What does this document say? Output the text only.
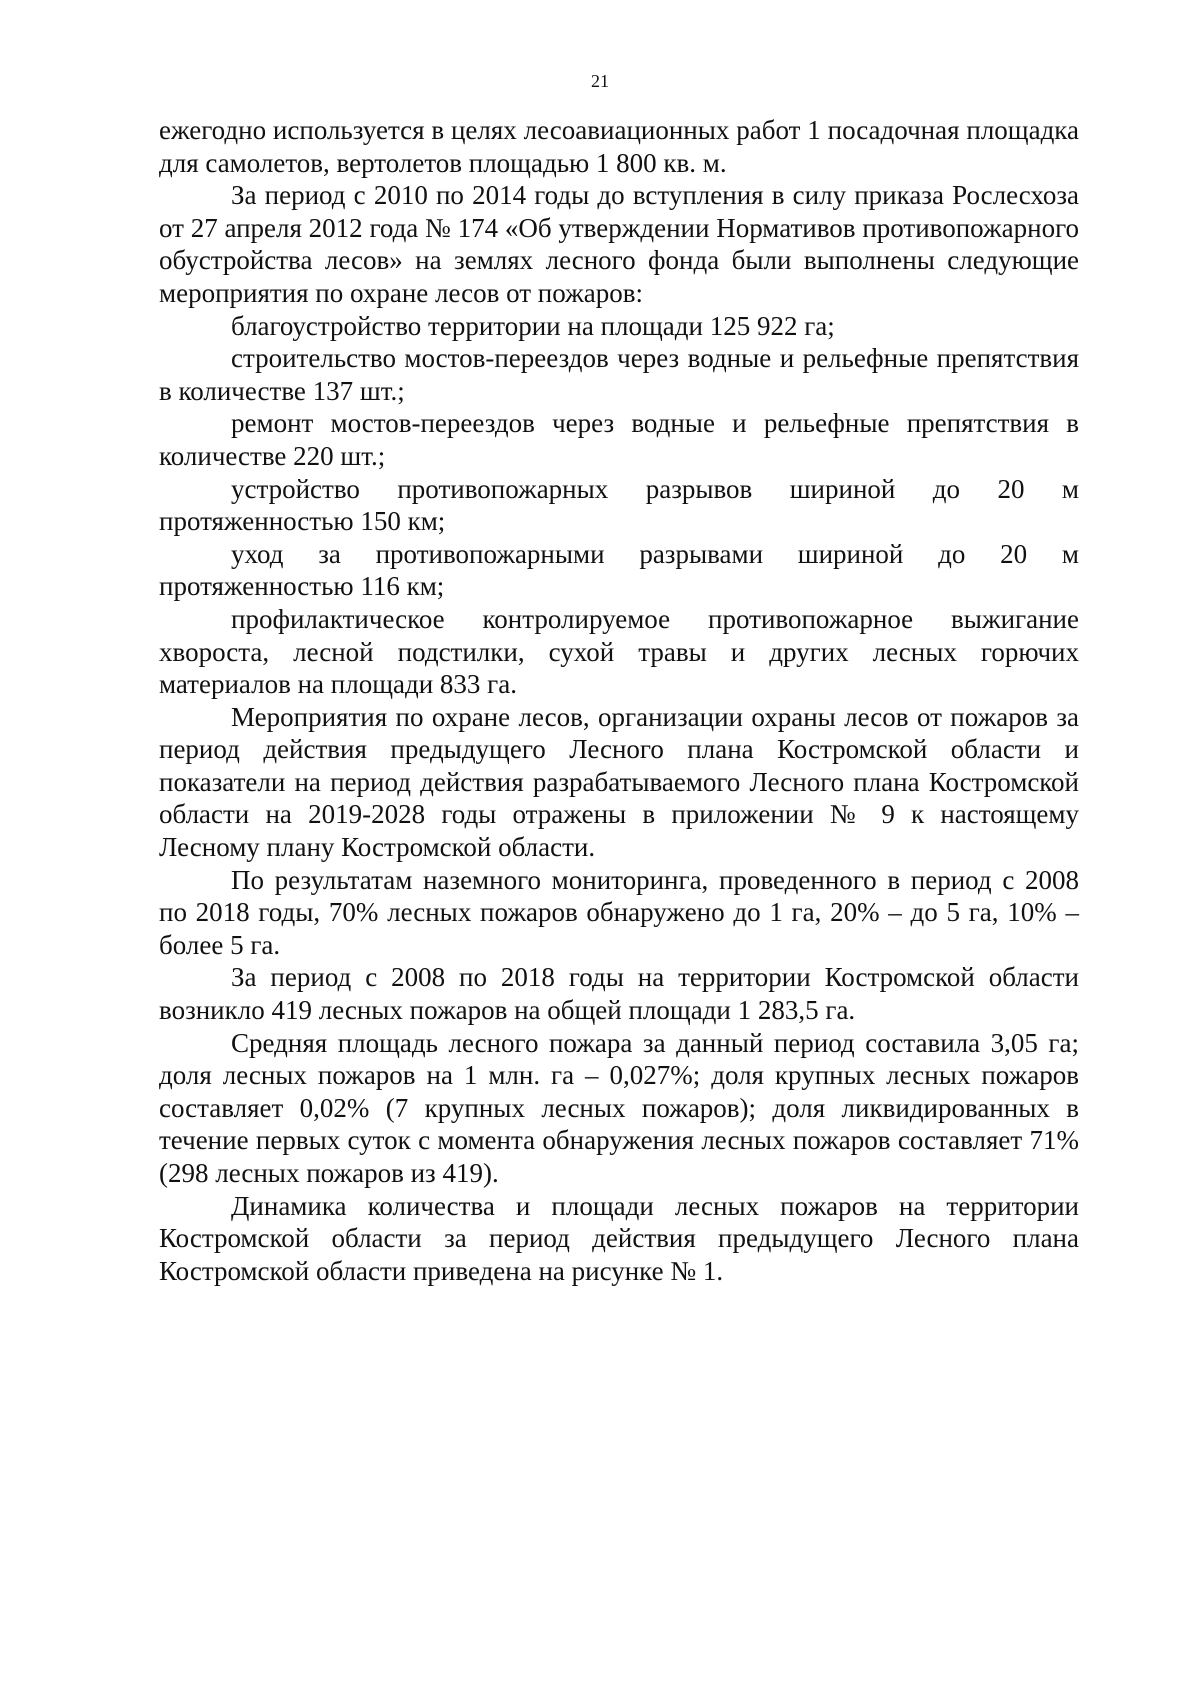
21

ежегодно используется в целях лесоавиационных работ 1 посадочная площадка для самолетов, вертолетов площадью 1 800 кв. м.

За период с 2010 по 2014 годы до вступления в силу приказа Рослесхоза от 27 апреля 2012 года № 174 «Об утверждении Нормативов противопожарного обустройства лесов» на землях лесного фонда были выполнены следующие мероприятия по охране лесов от пожаров:

благоустройство территории на площади 125 922 га;

строительство мостов-переездов через водные и рельефные препятствия в количестве 137 шт.;

ремонт мостов-переездов через водные и рельефные препятствия в количестве 220 шт.;

устройство противопожарных разрывов шириной до 20 м протяженностью 150 км;

уход за противопожарными разрывами шириной до 20 м протяженностью 116 км;

профилактическое контролируемое противопожарное выжигание хвороста, лесной подстилки, сухой травы и других лесных горючих материалов на площади 833 га.

Мероприятия по охране лесов, организации охраны лесов от пожаров за период действия предыдущего Лесного плана Костромской области и показатели на период действия разрабатываемого Лесного плана Костромской области на 2019-2028 годы отражены в приложении № 9 к настоящему Лесному плану Костромской области.

По результатам наземного мониторинга, проведенного в период с 2008 по 2018 годы, 70% лесных пожаров обнаружено до 1 га, 20% – до 5 га, 10% – более 5 га.

За период с 2008 по 2018 годы на территории Костромской области возникло 419 лесных пожаров на общей площади 1 283,5 га.

Средняя площадь лесного пожара за данный период составила 3,05 га; доля лесных пожаров на 1 млн. га – 0,027%; доля крупных лесных пожаров составляет 0,02% (7 крупных лесных пожаров); доля ликвидированных в течение первых суток с момента обнаружения лесных пожаров составляет 71% (298 лесных пожаров из 419).

Динамика количества и площади лесных пожаров на территории Костромской области за период действия предыдущего Лесного плана Костромской области приведена на рисунке № 1.
